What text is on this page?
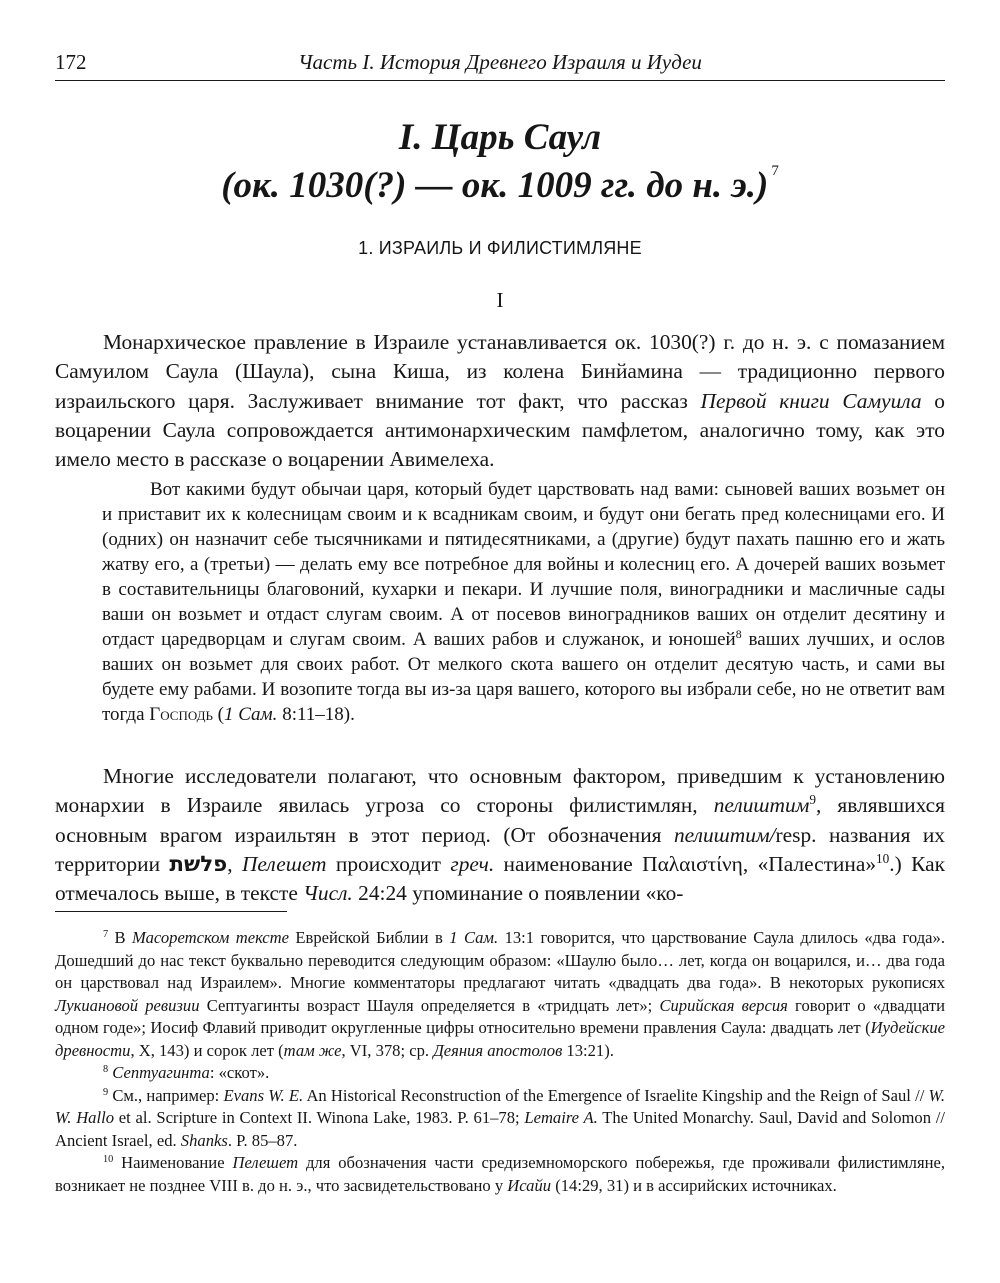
172	Часть I. История Древнего Израиля и Иудеи
I. Царь Саул
(ок. 1030(?) — ок. 1009 гг. до н. э.) $^7$
1. ИЗРАИЛЬ И ФИЛИСТИМЛЯНЕ
I

Монархическое правление в Израиле устанавливается ок. 1030(?) г. до н. э. с помазанием Самуилом Саула (Шаула), сына Киша, из колена Бинйамина — традиционно первого израильского царя. Заслуживает внимание тот факт, что рассказ Первой книги Самуила о воцарении Саула сопровождается антимонархическим памфлетом, аналогично тому, как это имело место в рассказе о воцарении Авимелеха.

Вот какими будут обычаи царя, который будет царствовать над вами: сыновей ваших возьмет он и приставит их к колесницам своим и к всадникам своим, и будут они бегать пред колесницами его. И (одних) он назначит себе тысячниками и пятидесятниками, а (другие) будут пахать пашню его и жать жатву его, а (третьи) — делать ему все потребное для войны и колесниц его. А дочерей ваших возьмет в составительницы благовоний, кухарки и пекари. И лучшие поля, виноградники и масличные сады ваши он возьмет и отдаст слугам своим. А от посевов виноградников ваших он отделит десятину и отдаст царедворцам и слугам своим. А ваших рабов и служанок, и юношей$^8$ ваших лучших, и ослов ваших он возьмет для своих работ. От мелкого скота вашего он отделит десятую часть, и сами вы будете ему рабами. И возопите тогда вы из-за царя вашего, которого вы избрали себе, но не ответит вам тогда Господь (1 Сам. 8:11–18).

Многие исследователи полагают, что основным фактором, приведшим к установлению монархии в Израиле явилась угроза со стороны филистимлян, пелиштим$^9$, являвшихся основным врагом израильтян в этот период. (От обозначения пелиштим/resp. названия их территории פלשת, Пелешет происходит греч. наименование Παλαιστίνη, «Палестина»$^{10}$.) Как отмечалось выше, в тексте Числ. 24:24 упоминание о появлении «ко-

$^7$ В Масоретском тексте Еврейской Библии в 1 Сам. 13:1 говорится, что царствование Саула длилось «два года». Дошедший до нас текст буквально переводится следующим образом: «Шаулю было… лет, когда он воцарился, и… два года он царствовал над Израилем». Многие комментаторы предлагают читать «двадцать два года». В некоторых рукописях Лукиановой ревизии Септуагинты возраст Шауля определяется в «тридцать лет»; Сирийская версия говорит о «двадцати одном годе»; Иосиф Флавий приводит округленные цифры относительно времени правления Саула: двадцать лет (Иудейские древности, X, 143) и сорок лет (там же, VI, 378; ср. Деяния апостолов 13:21).

$^8$ Септуагинта: «скот».

$^9$ См., например: Evans W. E. An Historical Reconstruction of the Emergence of Israelite Kingship and the Reign of Saul // W. W. Hallo et al. Scripture in Context II. Winona Lake, 1983. P. 61–78; Lemaire A. The United Monarchy. Saul, David and Solomon // Ancient Israel, ed. Shanks. P. 85–87.

$^{10}$ Наименование Пелешет для обозначения части средиземноморского побережья, где проживали филистимляне, возникает не позднее VIII в. до н. э., что засвидетельствовано у Исайи (14:29, 31) и в ассирийских источниках.
